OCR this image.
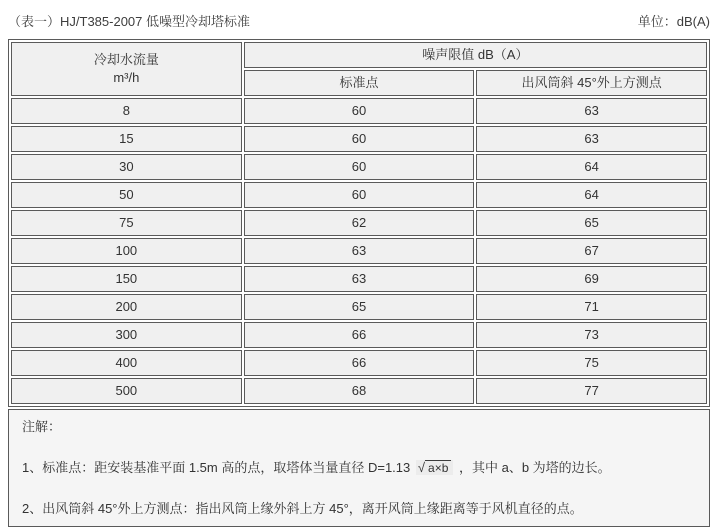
（表一）HJ/T385-2007 低噪型冷却塔标准	单位：dB(A)
冷却水流量
m³/h	噪声限值 dB（A）	
	标准点	出风筒斜 45°外上方测点
8	60	63
15	60	63
30	60	64
50	60	64
75	62	65
100	63	67
150	63	69
200	65	71
300	66	73
400	66	75
500	68	77

注解：

1、标准点：距安装基准平面 1.5m 高的点，取塔体当量直径 D=1.13 √ a×b ，其中 a、b 为塔的边长。

2、出风筒斜 45°外上方测点：指出风筒上缘外斜上方 45°，离开风筒上缘距离等于风机直径的点。
